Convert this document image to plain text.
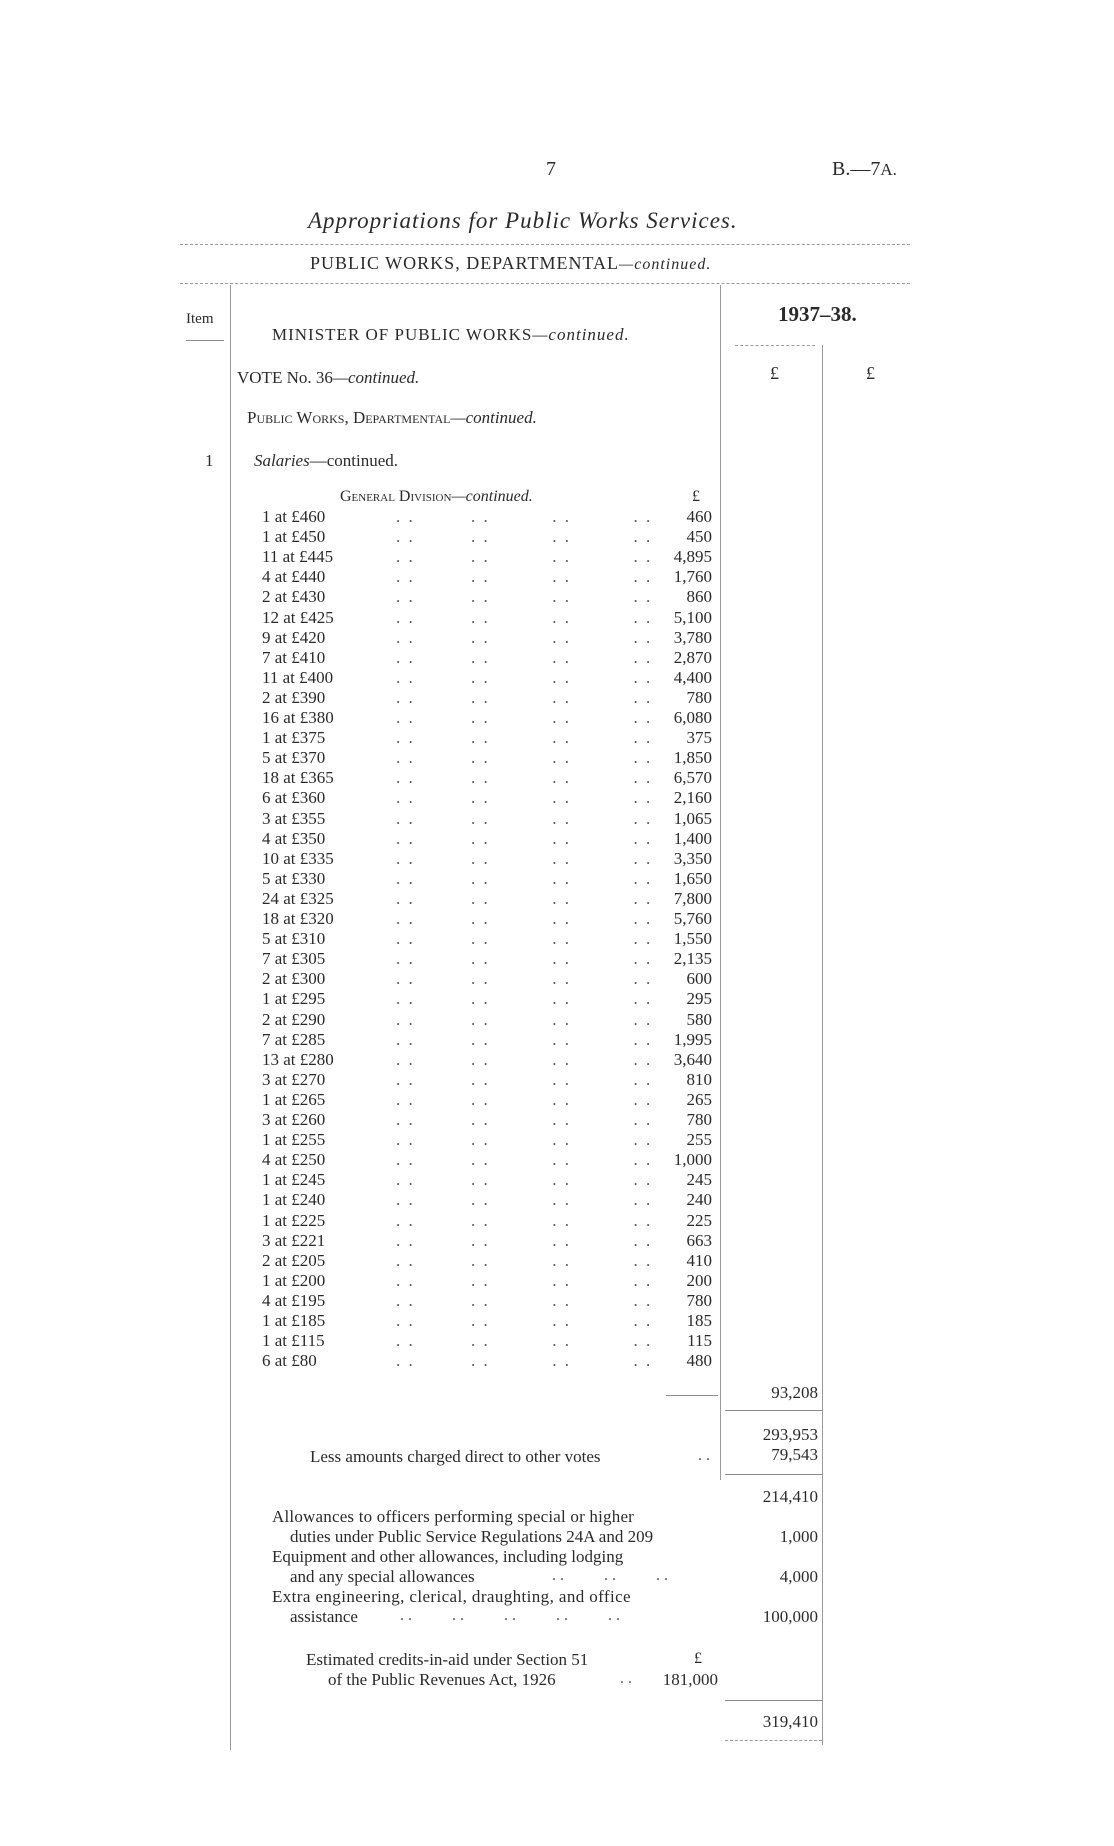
7	B.—7A.
Appropriations for Public Works Services.
PUBLIC WORKS, DEPARTMENTAL—continued.
Item	1937–38.
£	£
MINISTER OF PUBLIC WORKS—continued.
VOTE No. 36—continued.
Public Works, Departmental—continued.
1 Salaries—continued.
General Division—continued.	£
1 at £460	. .         . .          . .          . . 460
1 at £450	. .         . .          . .          . . 450
11 at £445	. .         . .          . .          . . 4,895
4 at £440	. .         . .          . .          . . 1,760
2 at £430	. .         . .          . .          . . 860
12 at £425	. .         . .          . .          . . 5,100
9 at £420	. .         . .          . .          . . 3,780
7 at £410	. .         . .          . .          . . 2,870
11 at £400	. .         . .          . .          . . 4,400
2 at £390	. .         . .          . .          . . 780
16 at £380	. .         . .          . .          . . 6,080
1 at £375	. .         . .          . .          . . 375
5 at £370	. .         . .          . .          . . 1,850
18 at £365	. .         . .          . .          . . 6,570
6 at £360	. .         . .          . .          . . 2,160
3 at £355	. .         . .          . .          . . 1,065
4 at £350	. .         . .          . .          . . 1,400
10 at £335	. .         . .          . .          . . 3,350
5 at £330	. .         . .          . .          . . 1,650
24 at £325	. .         . .          . .          . . 7,800
18 at £320	. .         . .          . .          . . 5,760
5 at £310	. .         . .          . .          . . 1,550
7 at £305	. .         . .          . .          . . 2,135
2 at £300	. .         . .          . .          . . 600
1 at £295	. .         . .          . .          . . 295
2 at £290	. .         . .          . .          . . 580
7 at £285	. .         . .          . .          . . 1,995
13 at £280	. .         . .          . .          . . 3,640
3 at £270	. .         . .          . .          . . 810
1 at £265	. .         . .          . .          . . 265
3 at £260	. .         . .          . .          . . 780
1 at £255	. .         . .          . .          . . 255
4 at £250	. .         . .          . .          . . 1,000
1 at £245	. .         . .          . .          . . 245
1 at £240	. .         . .          . .          . . 240
1 at £225	. .         . .          . .          . . 225
3 at £221	. .         . .          . .          . . 663
2 at £205	. .         . .          . .          . . 410
1 at £200	. .         . .          . .          . . 200
4 at £195	. .         . .          . .          . . 780
1 at £185	. .         . .          . .          . . 185
1 at £115	. .         . .          . .          . . 115
6 at £80	. .         . .          . .          . . 480
93,208
293,953
Less amounts charged direct to other votes	. .	79,543
214,410
Allowances to officers performing special or higher
duties under Public Service Regulations 24A and 209	1,000
Equipment and other allowances, including lodging
and any special allowances	. .          . .          . .	4,000
Extra engineering, clerical, draughting, and office
assistance	. .          . .          . .          . .          . .	100,000
Estimated credits-in-aid under Section 51	£
of the Public Revenues Act, 1926	. .	181,000
319,410
